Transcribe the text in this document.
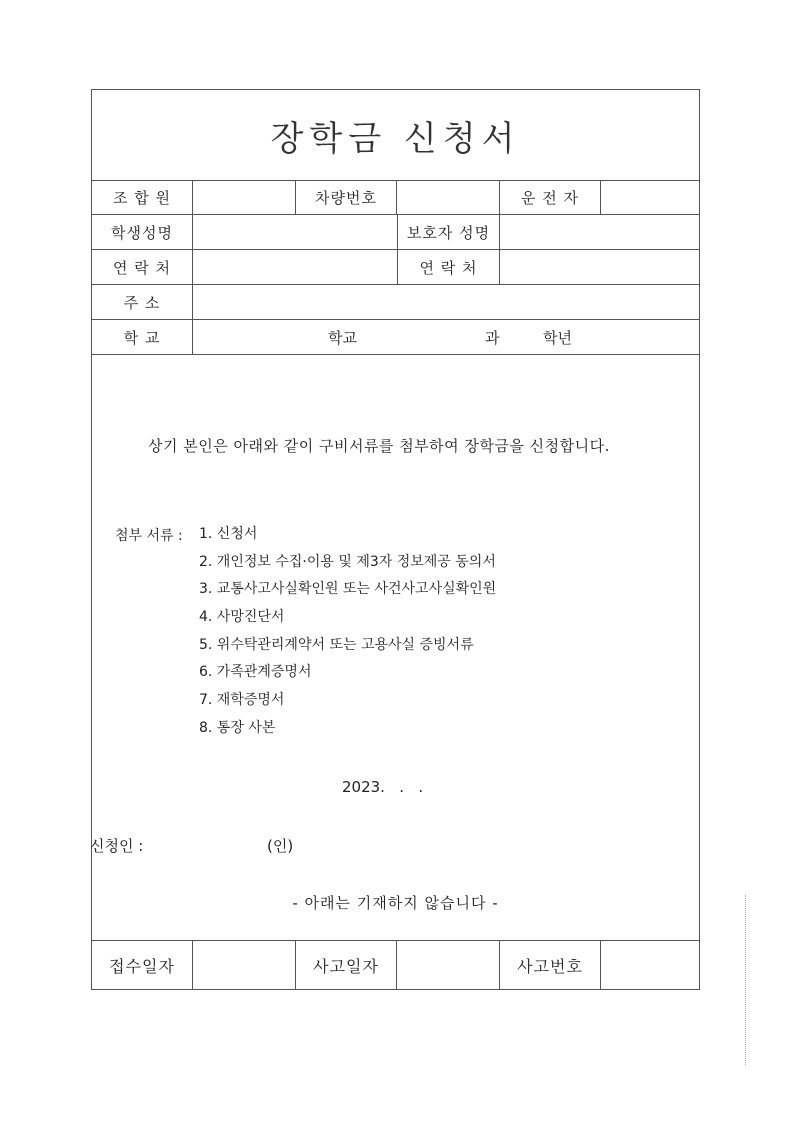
장학금 신청서
조 합 원	차량번호	운 전 자
학생성명	보호자 성명
연 락 처	연 락 처
주 소
학 교	학교	과	학년
상기 본인은 아래와 같이 구비서류를 첨부하여 장학금을 신청합니다.
첨부 서류 : 1. 신청서
2. 개인정보 수집·이용 및 제3자 정보제공 동의서
3. 교통사고사실확인원 또는 사건사고사실확인원
4. 사망진단서
5. 위수탁관리계약서 또는 고용사실 증빙서류
6. 가족관계증명서
7. 재학증명서
8. 통장 사본
2023.   .   .
신청인 :	(인)
- 아래는 기재하지 않습니다 -
접수일자	사고일자	사고번호
